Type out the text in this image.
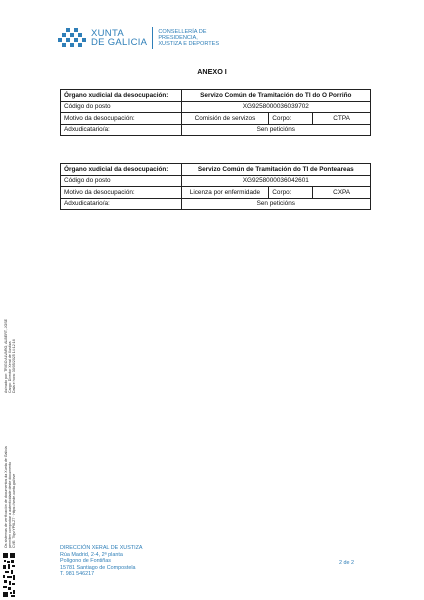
XUNTA
DE GALICIA
CONSELLERÍA DE
PRESIDENCIA,
XUSTIZA E DEPORTES
ANEXO I
Órgano xudicial da desocupación:	Servizo Común de Tramitación do TI do O Porriño		
Código do posto	XG9258000036039702		
Motivo da desocupación:	Comisión de servizos	Corpo:	CTPA
Adxudicatario/a:	Sen peticións		
Órgano xudicial da desocupación:	Servizo Común de Tramitación do TI de Ponteareas		
Código do posto	XG9258000036042601		
Motivo da desocupación:	Licenza por enfermidade	Corpo:	CXPA
Adxudicatario/a:	Sen peticións		
Asinado por: TRIGO ALVARO, ALBERT, JOSE Cargo: Director Xeral de Xustiza Data e hora: 30/05/2025 14:12:16
Os sistemas de verificación de documentos da Xunta de Galicia permiten comprobar a autenticidade deste documento CVE: 7fqvrYP6LZ7 · https://sede.xunta.gal/cve	DIRECCIÓN XERAL DE XUSTIZA
Rúa Madrid, 2-4, 2ª planta
Polígono de Fontiñas
15781 Santiago de Compostela
T. 981 546217
2 de 2
